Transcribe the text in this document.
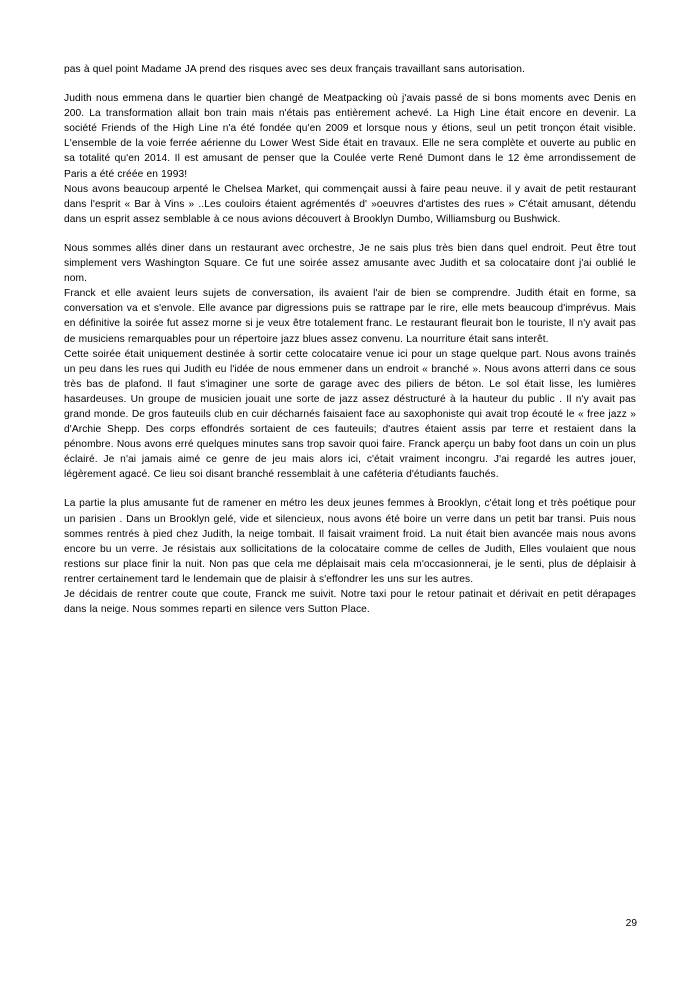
pas à quel point Madame JA prend des risques avec ses deux français travaillant sans autorisation.

Judith nous emmena dans le quartier bien changé de Meatpacking où j'avais passé de si bons moments avec Denis en 200. La transformation allait bon train mais n'étais pas entièrement achevé. La High Line était encore en devenir. La société Friends of the High Line n'a été fondée qu'en 2009 et lorsque nous y étions, seul un petit tronçon était visible. L'ensemble de la voie ferrée aérienne du Lower West Side était en travaux. Elle ne sera complète et ouverte au public en sa totalité qu'en 2014. Il est amusant de penser que la Coulée verte René Dumont dans le 12 ème arrondissement de Paris a été créée en 1993!

Nous avons beaucoup arpenté le Chelsea Market, qui commençait aussi à faire peau neuve. il y avait de petit restaurant dans l'esprit « Bar à Vins » ..Les couloirs étaient agrémentés d' »oeuvres d'artistes des rues » C'était amusant, détendu dans un esprit assez semblable à ce nous avions découvert à Brooklyn Dumbo, Williamsburg ou Bushwick.

Nous sommes allés diner dans un restaurant avec orchestre, Je ne sais plus très bien dans quel endroit. Peut être tout simplement vers Washington Square. Ce fut une soirée assez amusante avec Judith et sa colocataire dont j'ai oublié le nom.

Franck et elle avaient leurs sujets de conversation, ils avaient l'air de bien se comprendre. Judith était en forme, sa conversation va et s'envole. Elle avance par digressions puis se rattrape par le rire, elle mets beaucoup d'imprévus. Mais en définitive la soirée fut assez morne si je veux être totalement franc. Le restaurant fleurait bon le touriste, Il n'y avait pas de musiciens remarquables pour un répertoire jazz blues assez convenu. La nourriture était sans interêt.

Cette soirée était uniquement destinée à sortir cette colocataire venue ici pour un stage quelque part. Nous avons trainés un peu dans les rues qui Judith eu l'idée de nous emmener dans un endroit « branché ». Nous avons atterri dans ce sous très bas de plafond. Il faut s'imaginer une sorte de garage avec des piliers de béton. Le sol était lisse, les lumières hasardeuses. Un groupe de musicien jouait une sorte de jazz assez déstructuré à la hauteur du public . Il n'y avait pas grand monde. De gros fauteuils club en cuir décharnés faisaient face au saxophoniste qui avait trop écouté le « free jazz » d'Archie Shepp. Des corps effondrés sortaient de ces fauteuils; d'autres étaient assis par terre et restaient dans la pénombre. Nous avons erré quelques minutes sans trop savoir quoi faire. Franck aperçu un baby foot dans un coin un plus éclairé. Je n'ai jamais aimé ce genre de jeu mais alors ici, c'était vraiment incongru. J'ai regardé les autres jouer, légèrement agacé. Ce lieu soi disant branché ressemblait à une caféteria d'étudiants fauchés.

La partie la plus amusante fut de ramener en métro les deux jeunes femmes à Brooklyn, c'était long et très poétique pour un parisien . Dans un Brooklyn gelé, vide et silencieux, nous avons été boire un verre dans un petit bar transi. Puis nous sommes rentrés à pied chez Judith, la neige tombait. Il faisait vraiment froid. La nuit était bien avancée mais nous avons encore bu un verre. Je résistais aux sollicitations de la colocataire comme de celles de Judith, Elles voulaient que nous restions sur place finir la nuit. Non pas que cela me déplaisait mais cela m'occasionnerai, je le senti, plus de déplaisir à rentrer certainement tard le lendemain que de plaisir à s'effondrer les uns sur les autres.

Je décidais de rentrer coute que coute, Franck me suivit. Notre taxi pour le retour patinait et dérivait en petit dérapages dans la neige. Nous sommes reparti en silence vers Sutton Place.

29
